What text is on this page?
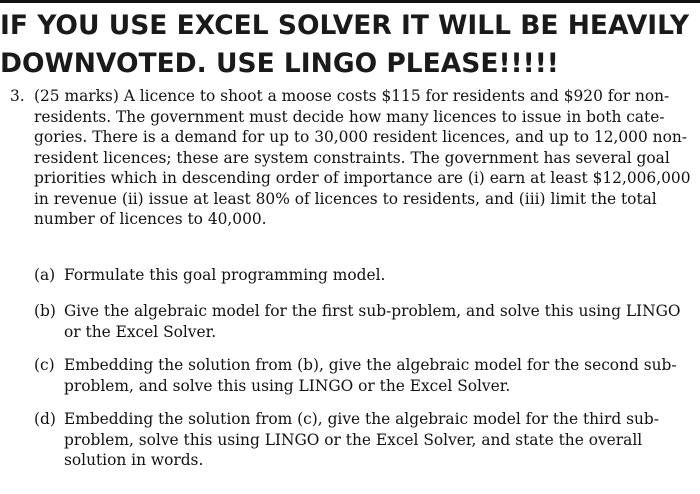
IF YOU USE EXCEL SOLVER IT WILL BE HEAVILY
DOWNVOTED. USE LINGO PLEASE!!!!!
3. (25 marks) A licence to shoot a moose costs $115 for residents and $920 for non-
residents. The government must decide how many licences to issue in both cate-
gories. There is a demand for up to 30,000 resident licences, and up to 12,000 non-
resident licences; these are system constraints. The government has several goal
priorities which in descending order of importance are (i) earn at least $12,006,000
in revenue (ii) issue at least 80% of licences to residents, and (iii) limit the total
number of licences to 40,000.
(a) Formulate this goal programming model.
(b) Give the algebraic model for the first sub-problem, and solve this using LINGO
or the Excel Solver.
(c) Embedding the solution from (b), give the algebraic model for the second sub-
problem, and solve this using LINGO or the Excel Solver.
(d) Embedding the solution from (c), give the algebraic model for the third sub-
problem, solve this using LINGO or the Excel Solver, and state the overall
solution in words.
